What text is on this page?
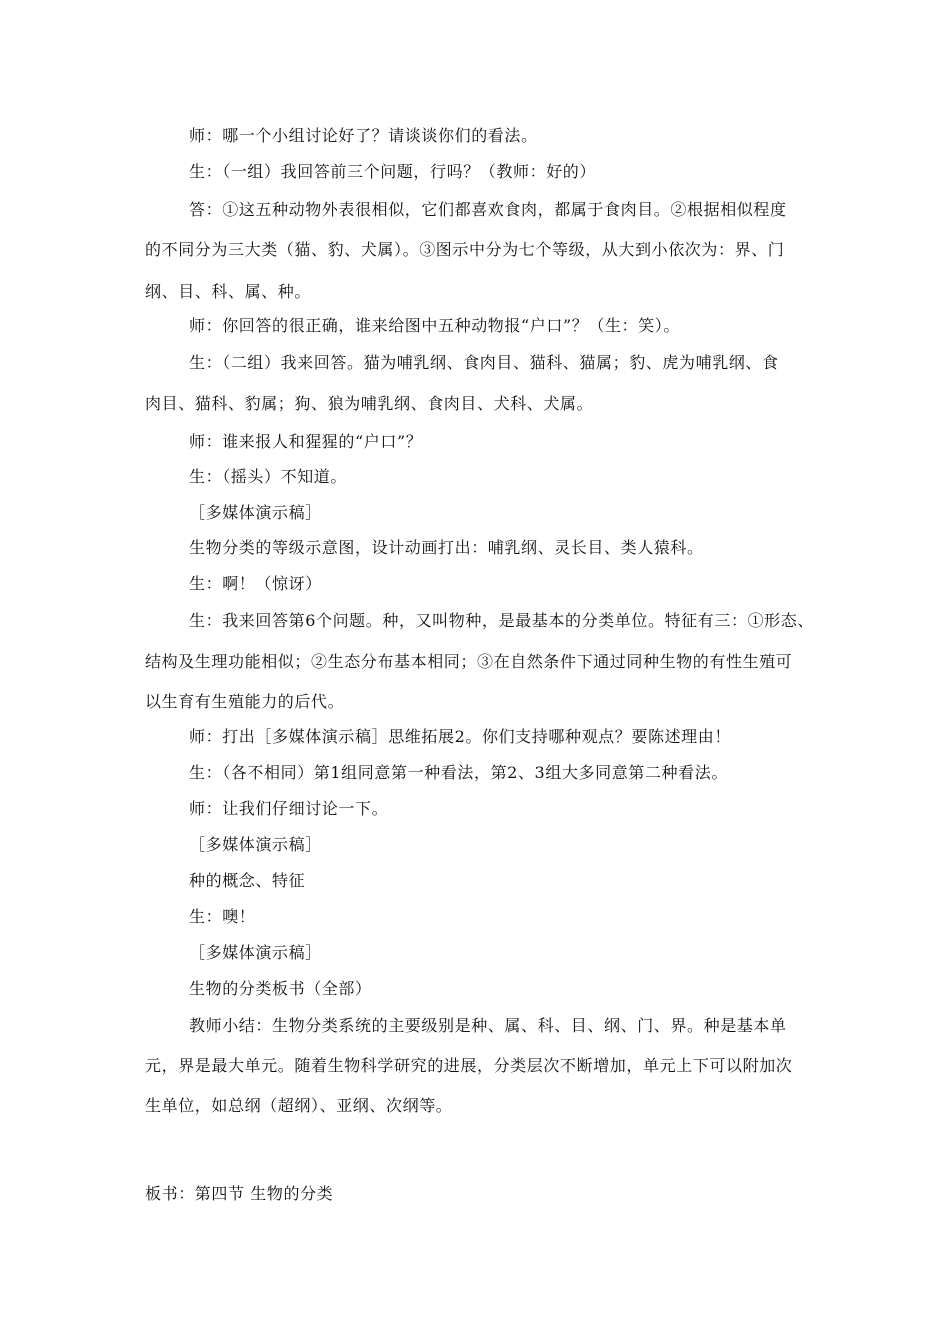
师：哪一个小组讨论好了？请谈谈你们的看法。
生：（一组）我回答前三个问题，行吗？（教师：好的）
答：①这五种动物外表很相似，它们都喜欢食肉，都属于食肉目。②根据相似程度
的不同分为三大类（猫、豹、犬属）。③图示中分为七个等级，从大到小依次为：界、门
纲、目、科、属、种。
师：你回答的很正确，谁来给图中五种动物报“户口”？（生：笑）。
生：（二组）我来回答。猫为哺乳纲、食肉目、猫科、猫属；豹、虎为哺乳纲、食
肉目、猫科、豹属；狗、狼为哺乳纲、食肉目、犬科、犬属。
师：谁来报人和猩猩的“户口”？
生：（摇头）不知道。
［多媒体演示稿］
生物分类的等级示意图，设计动画打出：哺乳纲、灵长目、类人猿科。
生：啊！（惊讶）
生：我来回答第6个问题。种，又叫物种，是最基本的分类单位。特征有三：①形态、
结构及生理功能相似；②生态分布基本相同；③在自然条件下通过同种生物的有性生殖可
以生育有生殖能力的后代。
师：打出［多媒体演示稿］思维拓展2。你们支持哪种观点？要陈述理由！
生：（各不相同）第1组同意第一种看法，第2、3组大多同意第二种看法。
师：让我们仔细讨论一下。
［多媒体演示稿］
种的概念、特征
生：噢！
［多媒体演示稿］
生物的分类板书（全部）
教师小结：生物分类系统的主要级别是种、属、科、目、纲、门、界。种是基本单
元，界是最大单元。随着生物科学研究的进展，分类层次不断增加，单元上下可以附加次
生单位，如总纲（超纲）、亚纲、次纲等。
板书：第四节 生物的分类
